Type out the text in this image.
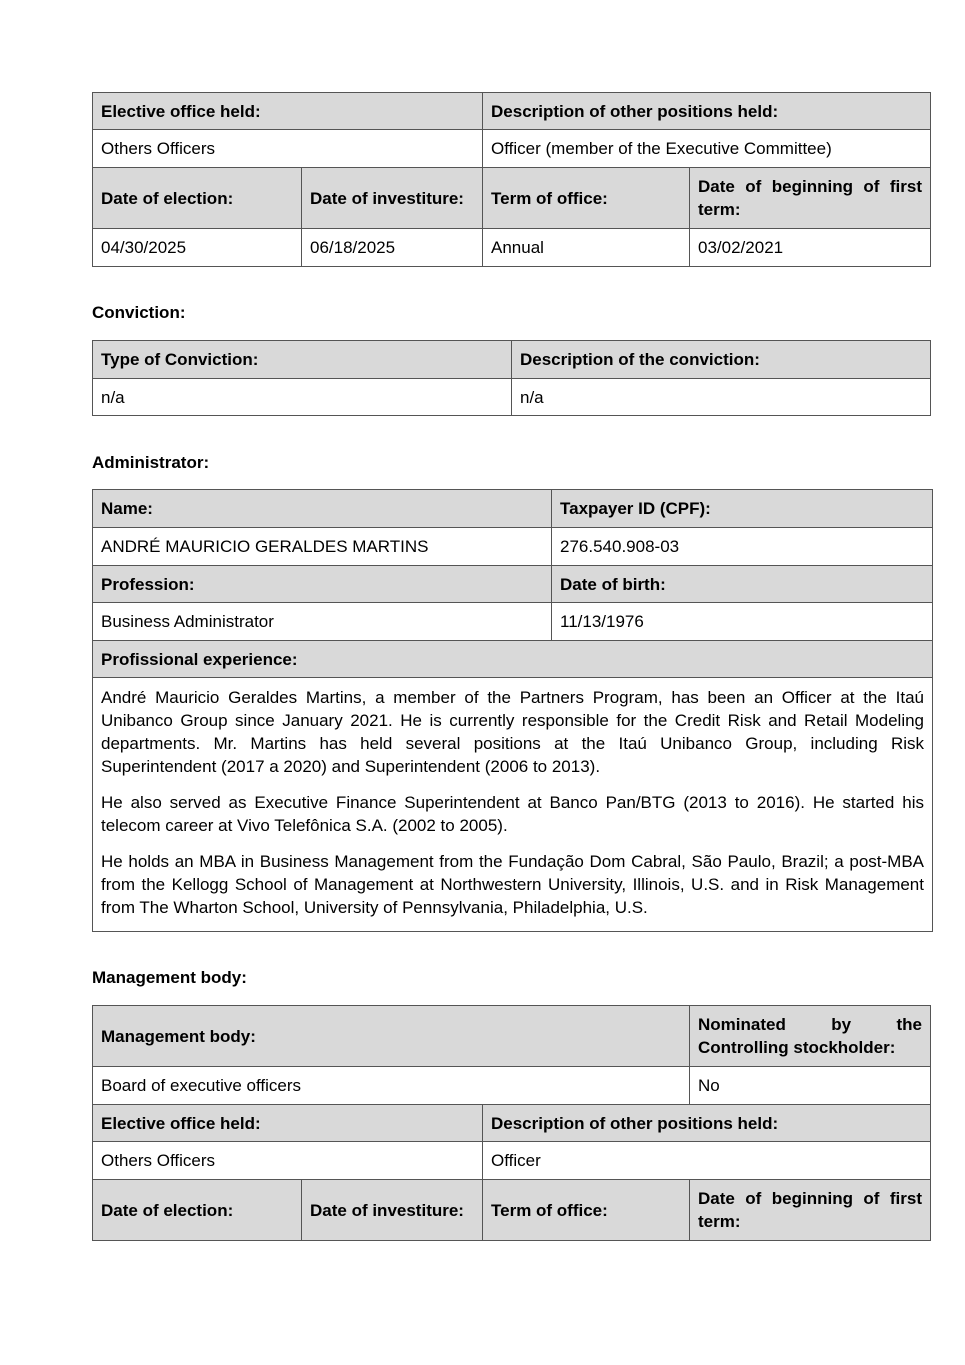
Elective office held:		Description of other positions held:	
Others Officers		Officer (member of the Executive Committee)	
Date of election:	Date of investiture:	Term of office:	Date of beginning of first term:
04/30/2025	06/18/2025	Annual	03/02/2021
Conviction:
Type of Conviction:	Description of the conviction:
n/a	n/a
Administrator:
Name:	Taxpayer ID (CPF):
ANDRÉ MAURICIO GERALDES MARTINS	276.540.908-03
Profession:	Date of birth:
Business Administrator	11/13/1976
Profissional experience:	

André Mauricio Geraldes Martins, a member of the Partners Program, has been an Officer at the Itaú Unibanco Group since January 2021. He is currently responsible for the Credit Risk and Retail Modeling departments. Mr. Martins has held several positions at the Itaú Unibanco Group, including Risk Superintendent (2017 a 2020) and Superintendent (2006 to 2013).

He also served as Executive Finance Superintendent at Banco Pan/BTG (2013 to 2016). He started his telecom career at Vivo Telefônica S.A. (2002 to 2005).

He holds an MBA in Business Management from the Fundação Dom Cabral, São Paulo, Brazil; a post-MBA from the Kellogg School of Management at Northwestern University, Illinois, U.S. and in Risk Management from The Wharton School, University of Pennsylvania, Philadelphia, U.S.	

Management body:
Management body:			Nominated by the
Controlling stockholder:

Board of executive officers			No
Elective office held:		Description of other positions held:	
Others Officers		Officer	
Date of election:	Date of investiture:	Term of office:	Date of beginning of first term:
